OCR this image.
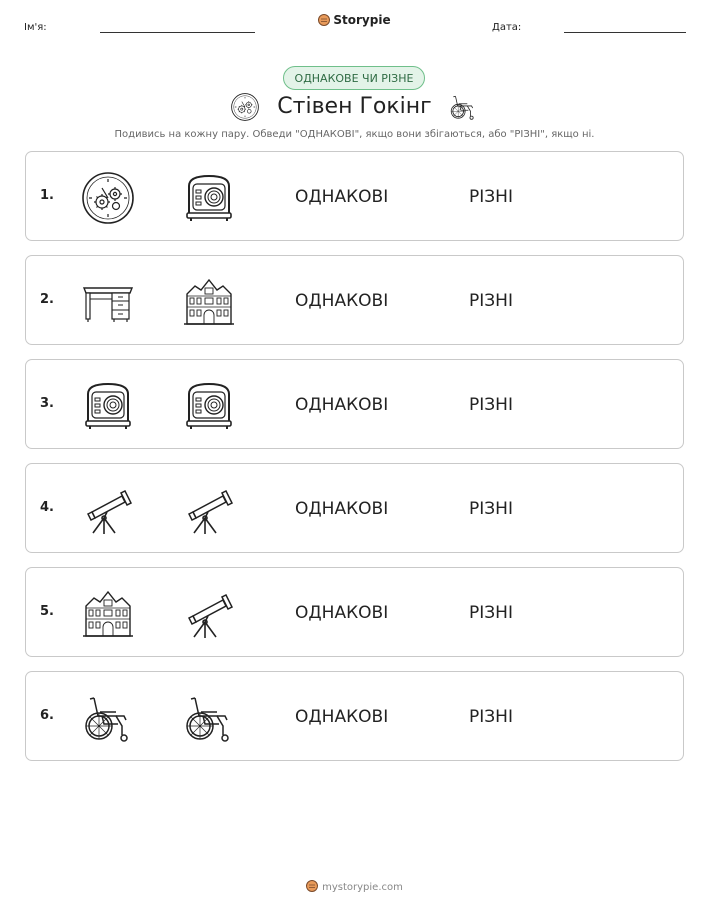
Ім'я:
Storypie
Дата:
ОДНАКОВЕ ЧИ РІЗНЕ
Стівен Гокінг
Подивись на кожну пару. Обведи "ОДНАКОВІ", якщо вони збігаються, або "РІЗНІ", якщо ні.
1.	ОДНАКОВІ	РІЗНІ
2.	ОДНАКОВІ	РІЗНІ
3.	ОДНАКОВІ	РІЗНІ
4.	ОДНАКОВІ	РІЗНІ
5.	ОДНАКОВІ	РІЗНІ
6.	ОДНАКОВІ	РІЗНІ
mystorypie.com
